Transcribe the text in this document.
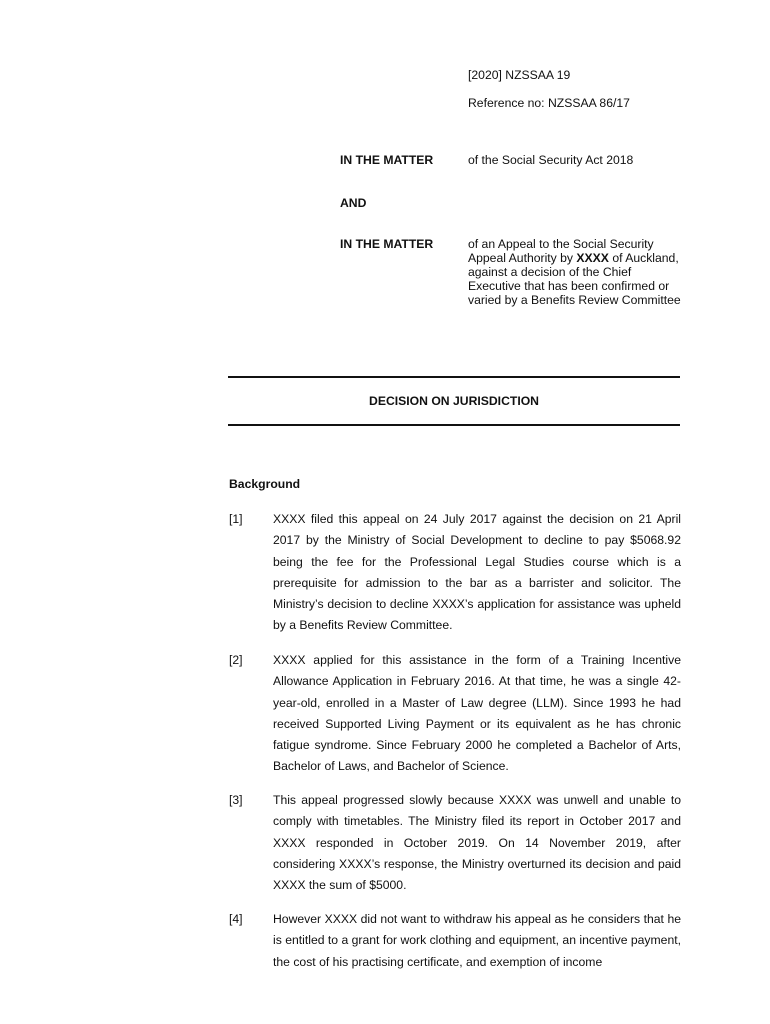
[2020] NZSSAA 19
Reference no: NZSSAA 86/17
IN THE MATTER	of the Social Security Act 2018
AND
IN THE MATTER	of an Appeal to the Social Security Appeal Authority by XXXX of Auckland, against a decision of the Chief Executive that has been confirmed or varied by a Benefits Review Committee
DECISION ON JURISDICTION
Background
[1] XXXX filed this appeal on 24 July 2017 against the decision on 21 April 2017 by the Ministry of Social Development to decline to pay $5068.92 being the fee for the Professional Legal Studies course which is a prerequisite for admission to the bar as a barrister and solicitor. The Ministry’s decision to decline XXXX’s application for assistance was upheld by a Benefits Review Committee.
[2] XXXX applied for this assistance in the form of a Training Incentive Allowance Application in February 2016. At that time, he was a single 42-year-old, enrolled in a Master of Law degree (LLM). Since 1993 he had received Supported Living Payment or its equivalent as he has chronic fatigue syndrome. Since February 2000 he completed a Bachelor of Arts, Bachelor of Laws, and Bachelor of Science.
[3] This appeal progressed slowly because XXXX was unwell and unable to comply with timetables. The Ministry filed its report in October 2017 and XXXX responded in October 2019. On 14 November 2019, after considering XXXX’s response, the Ministry overturned its decision and paid XXXX the sum of $5000.
[4] However XXXX did not want to withdraw his appeal as he considers that he is entitled to a grant for work clothing and equipment, an incentive payment, the cost of his practising certificate, and exemption of income
